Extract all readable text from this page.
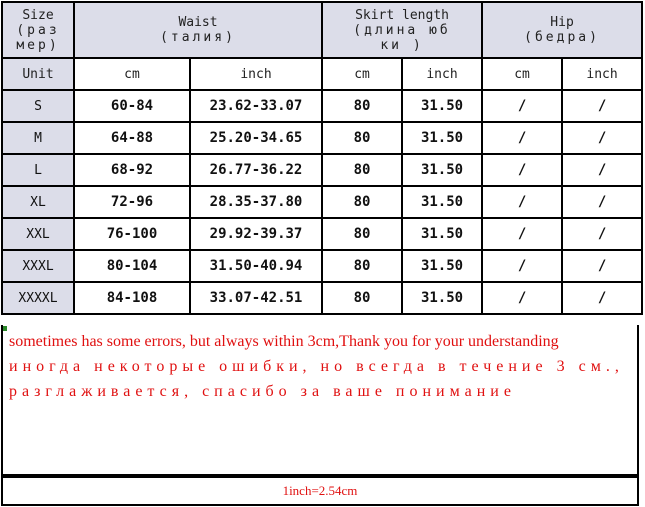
Size
(раз
мер)	Waist
(талия)		Skirt length
(длина юб
ки )		Hip
(бедра)	

Unit	cm	inch	cm	inch	cm	inch
S	60-84	23.62-33.07	80	31.50	/	/
M	64-88	25.20-34.65	80	31.50	/	/
L	68-92	26.77-36.22	80	31.50	/	/
XL	72-96	28.35-37.80	80	31.50	/	/
XXL	76-100	29.92-39.37	80	31.50	/	/
XXXL	80-104	31.50-40.94	80	31.50	/	/
XXXXL	84-108	33.07-42.51	80	31.50	/	/
sometimes has some errors, but always within 3cm,Thank you for your understanding иногда некоторые ошибки, но всегда в течение 3 см., разглаживается, спасибо за ваше понимание
1inch=2.54cm
